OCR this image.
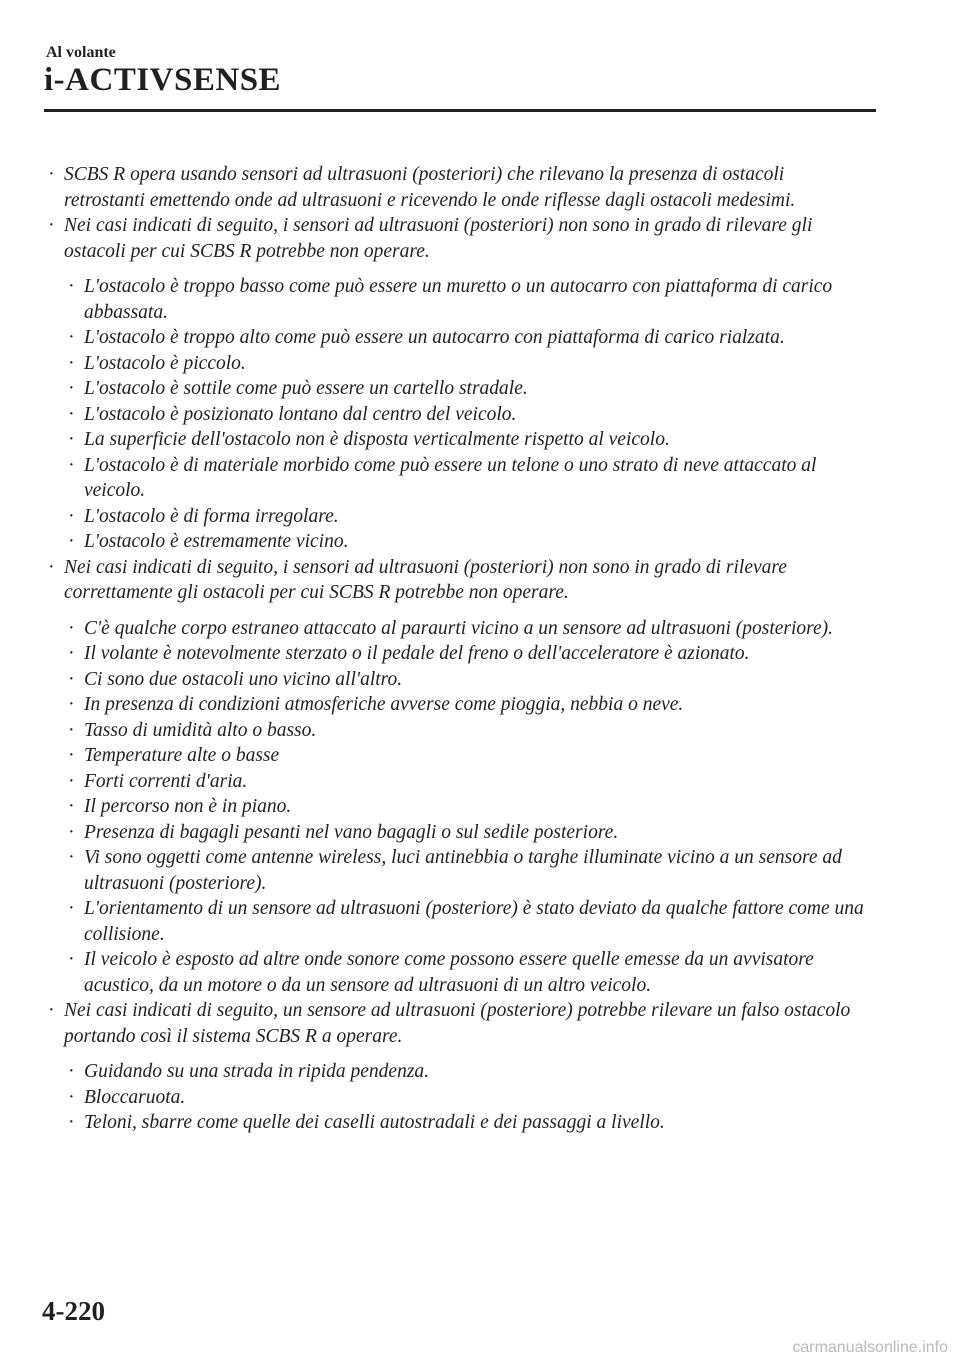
Al volante
i-ACTIVSENSE
· SCBS R opera usando sensori ad ultrasuoni (posteriori) che rilevano la presenza di ostacoli retrostanti emettendo onde ad ultrasuoni e ricevendo le onde riflesse dagli ostacoli medesimi.
· Nei casi indicati di seguito, i sensori ad ultrasuoni (posteriori) non sono in grado di rilevare gli ostacoli per cui SCBS R potrebbe non operare.
· L'ostacolo è troppo basso come può essere un muretto o un autocarro con piattaforma di carico abbassata.
· L'ostacolo è troppo alto come può essere un autocarro con piattaforma di carico rialzata.
· L'ostacolo è piccolo.
· L'ostacolo è sottile come può essere un cartello stradale.
· L'ostacolo è posizionato lontano dal centro del veicolo.
· La superficie dell'ostacolo non è disposta verticalmente rispetto al veicolo.
· L'ostacolo è di materiale morbido come può essere un telone o uno strato di neve attaccato al veicolo.
· L'ostacolo è di forma irregolare.
· L'ostacolo è estremamente vicino.
· Nei casi indicati di seguito, i sensori ad ultrasuoni (posteriori) non sono in grado di rilevare correttamente gli ostacoli per cui SCBS R potrebbe non operare.
· C'è qualche corpo estraneo attaccato al paraurti vicino a un sensore ad ultrasuoni (posteriore).
· Il volante è notevolmente sterzato o il pedale del freno o dell'acceleratore è azionato.
· Ci sono due ostacoli uno vicino all'altro.
· In presenza di condizioni atmosferiche avverse come pioggia, nebbia o neve.
· Tasso di umidità alto o basso.
· Temperature alte o basse
· Forti correnti d'aria.
· Il percorso non è in piano.
· Presenza di bagagli pesanti nel vano bagagli o sul sedile posteriore.
· Vi sono oggetti come antenne wireless, luci antinebbia o targhe illuminate vicino a un sensore ad ultrasuoni (posteriore).
· L'orientamento di un sensore ad ultrasuoni (posteriore) è stato deviato da qualche fattore come una collisione.
· Il veicolo è esposto ad altre onde sonore come possono essere quelle emesse da un avvisatore acustico, da un motore o da un sensore ad ultrasuoni di un altro veicolo.
· Nei casi indicati di seguito, un sensore ad ultrasuoni (posteriore) potrebbe rilevare un falso ostacolo portando così il sistema SCBS R a operare.
· Guidando su una strada in ripida pendenza.
· Bloccaruota.
· Teloni, sbarre come quelle dei caselli autostradali e dei passaggi a livello.
4-220
carmanualsonline.info
